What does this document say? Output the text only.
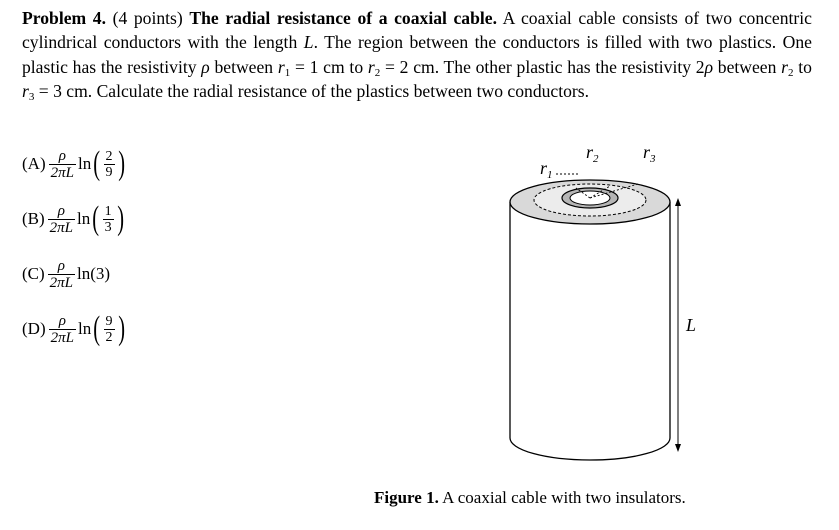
Problem 4. (4 points) The radial resistance of a coaxial cable. A coaxial cable consists of two concentric cylindrical conductors with the length L. The region between the conductors is filled with two plastics. One plastic has the resistivity ρ between $r_1 = 1$ cm to $r_2 = 2$ cm. The other plastic has the resistivity 2ρ between $r_2$ to $r_3 = 3$ cm. Calculate the radial resistance of the plastics between two conductors.
$(A) \frac{\rho}{2\pi L}$ ln ( $\frac{2}{9}$ )
$(B) \frac{\rho}{2\pi L}$ ln ( $\frac{1}{3}$ )
$(C) \frac{\rho}{2\pi L} \ln(3)$
$(D) \frac{\rho}{2\pi L}$ ln ( $\frac{9}{2}$ )
$r_1$
$r_2$ $r_3$
L
Figure 1. A coaxial cable with two insulators.
